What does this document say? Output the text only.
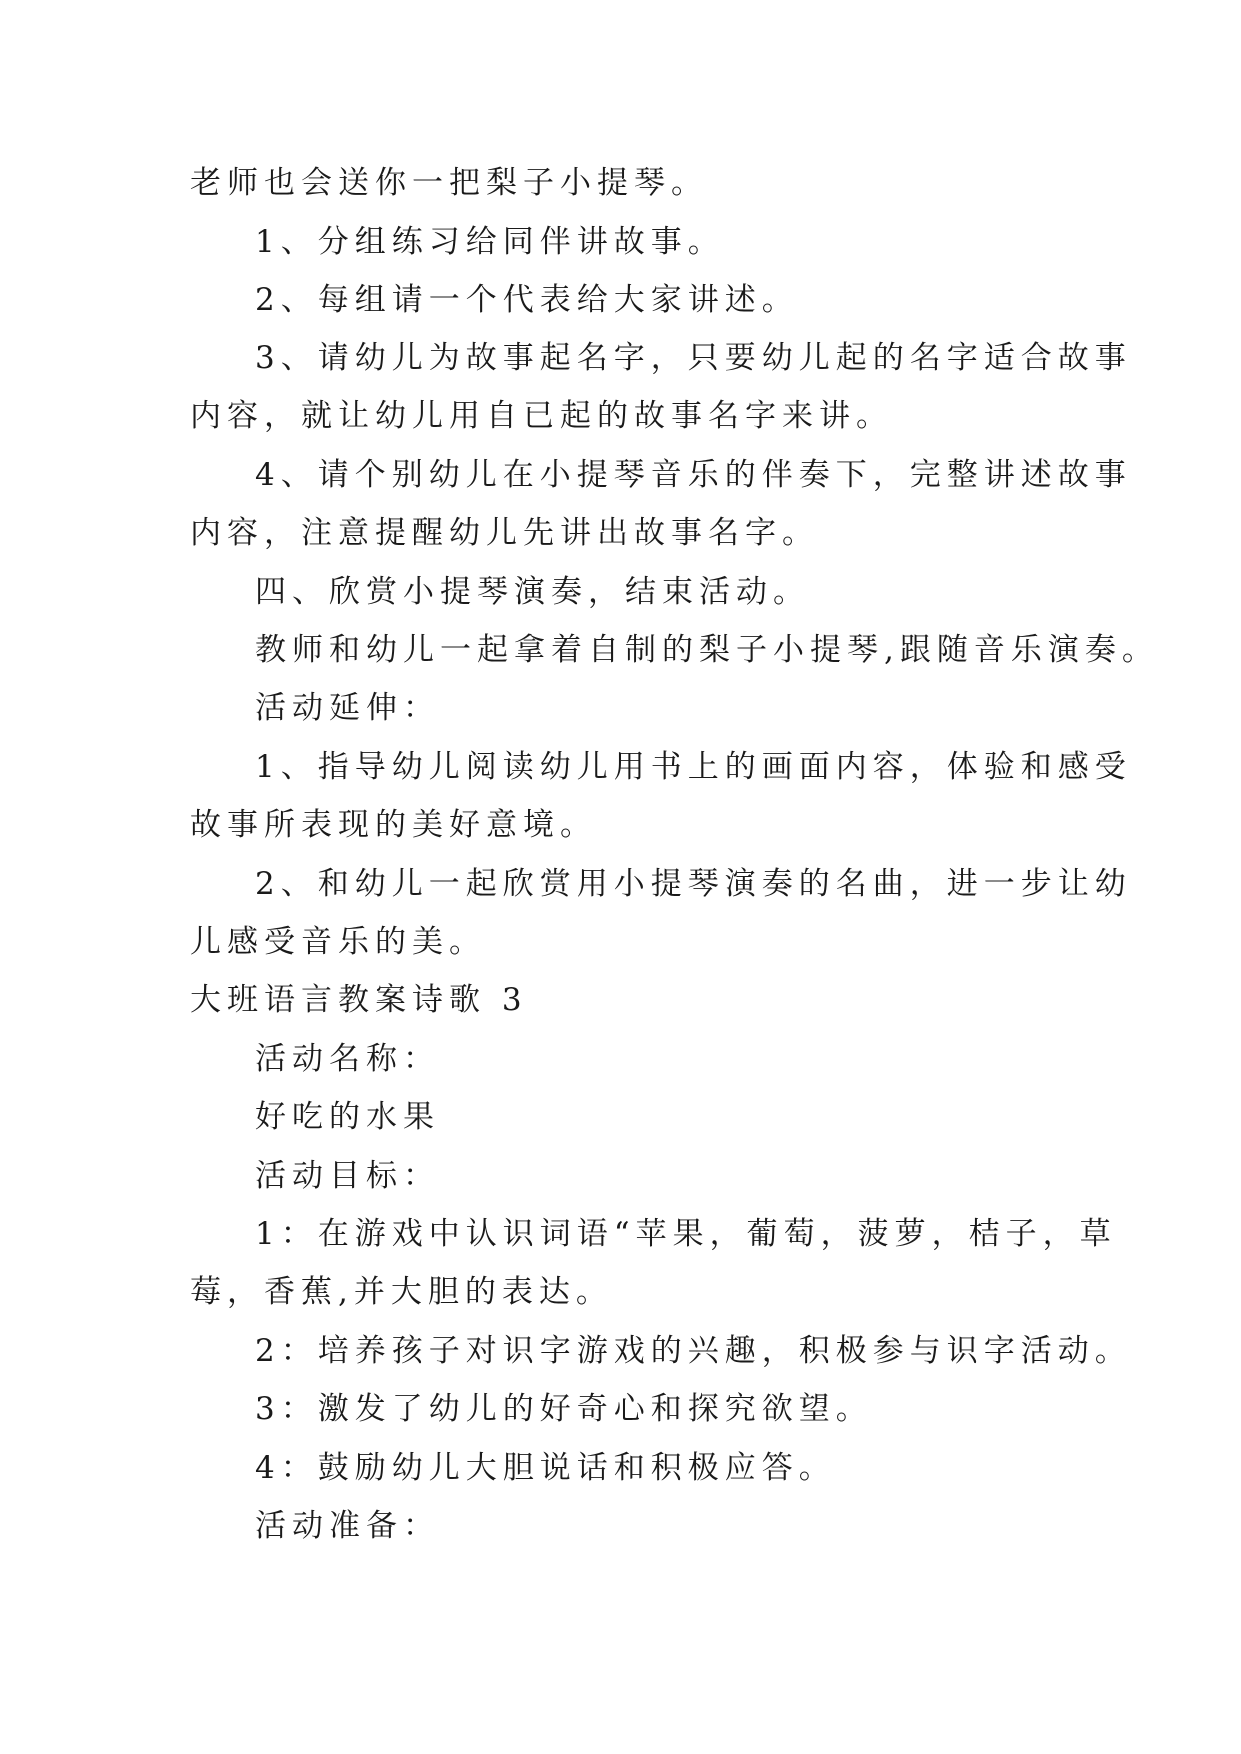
老师也会送你一把梨子小提琴。
1、分组练习给同伴讲故事。
2、每组请一个代表给大家讲述。
3、请幼儿为故事起名字，只要幼儿起的名字适合故事
内容，就让幼儿用自已起的故事名字来讲。
4、请个别幼儿在小提琴音乐的伴奏下，完整讲述故事
内容，注意提醒幼儿先讲出故事名字。
四、欣赏小提琴演奏，结束活动。
教师和幼儿一起拿着自制的梨子小提琴,跟随音乐演奏。
活动延伸：
1、指导幼儿阅读幼儿用书上的画面内容，体验和感受
故事所表现的美好意境。
2、和幼儿一起欣赏用小提琴演奏的名曲，进一步让幼
儿感受音乐的美。
大班语言教案诗歌 3
活动名称：
好吃的水果
活动目标：
1：在游戏中认识词语“苹果，葡萄，菠萝，桔子，草
莓，香蕉,并大胆的表达。
2：培养孩子对识字游戏的兴趣，积极参与识字活动。
3：激发了幼儿的好奇心和探究欲望。
4：鼓励幼儿大胆说话和积极应答。
活动准备：
